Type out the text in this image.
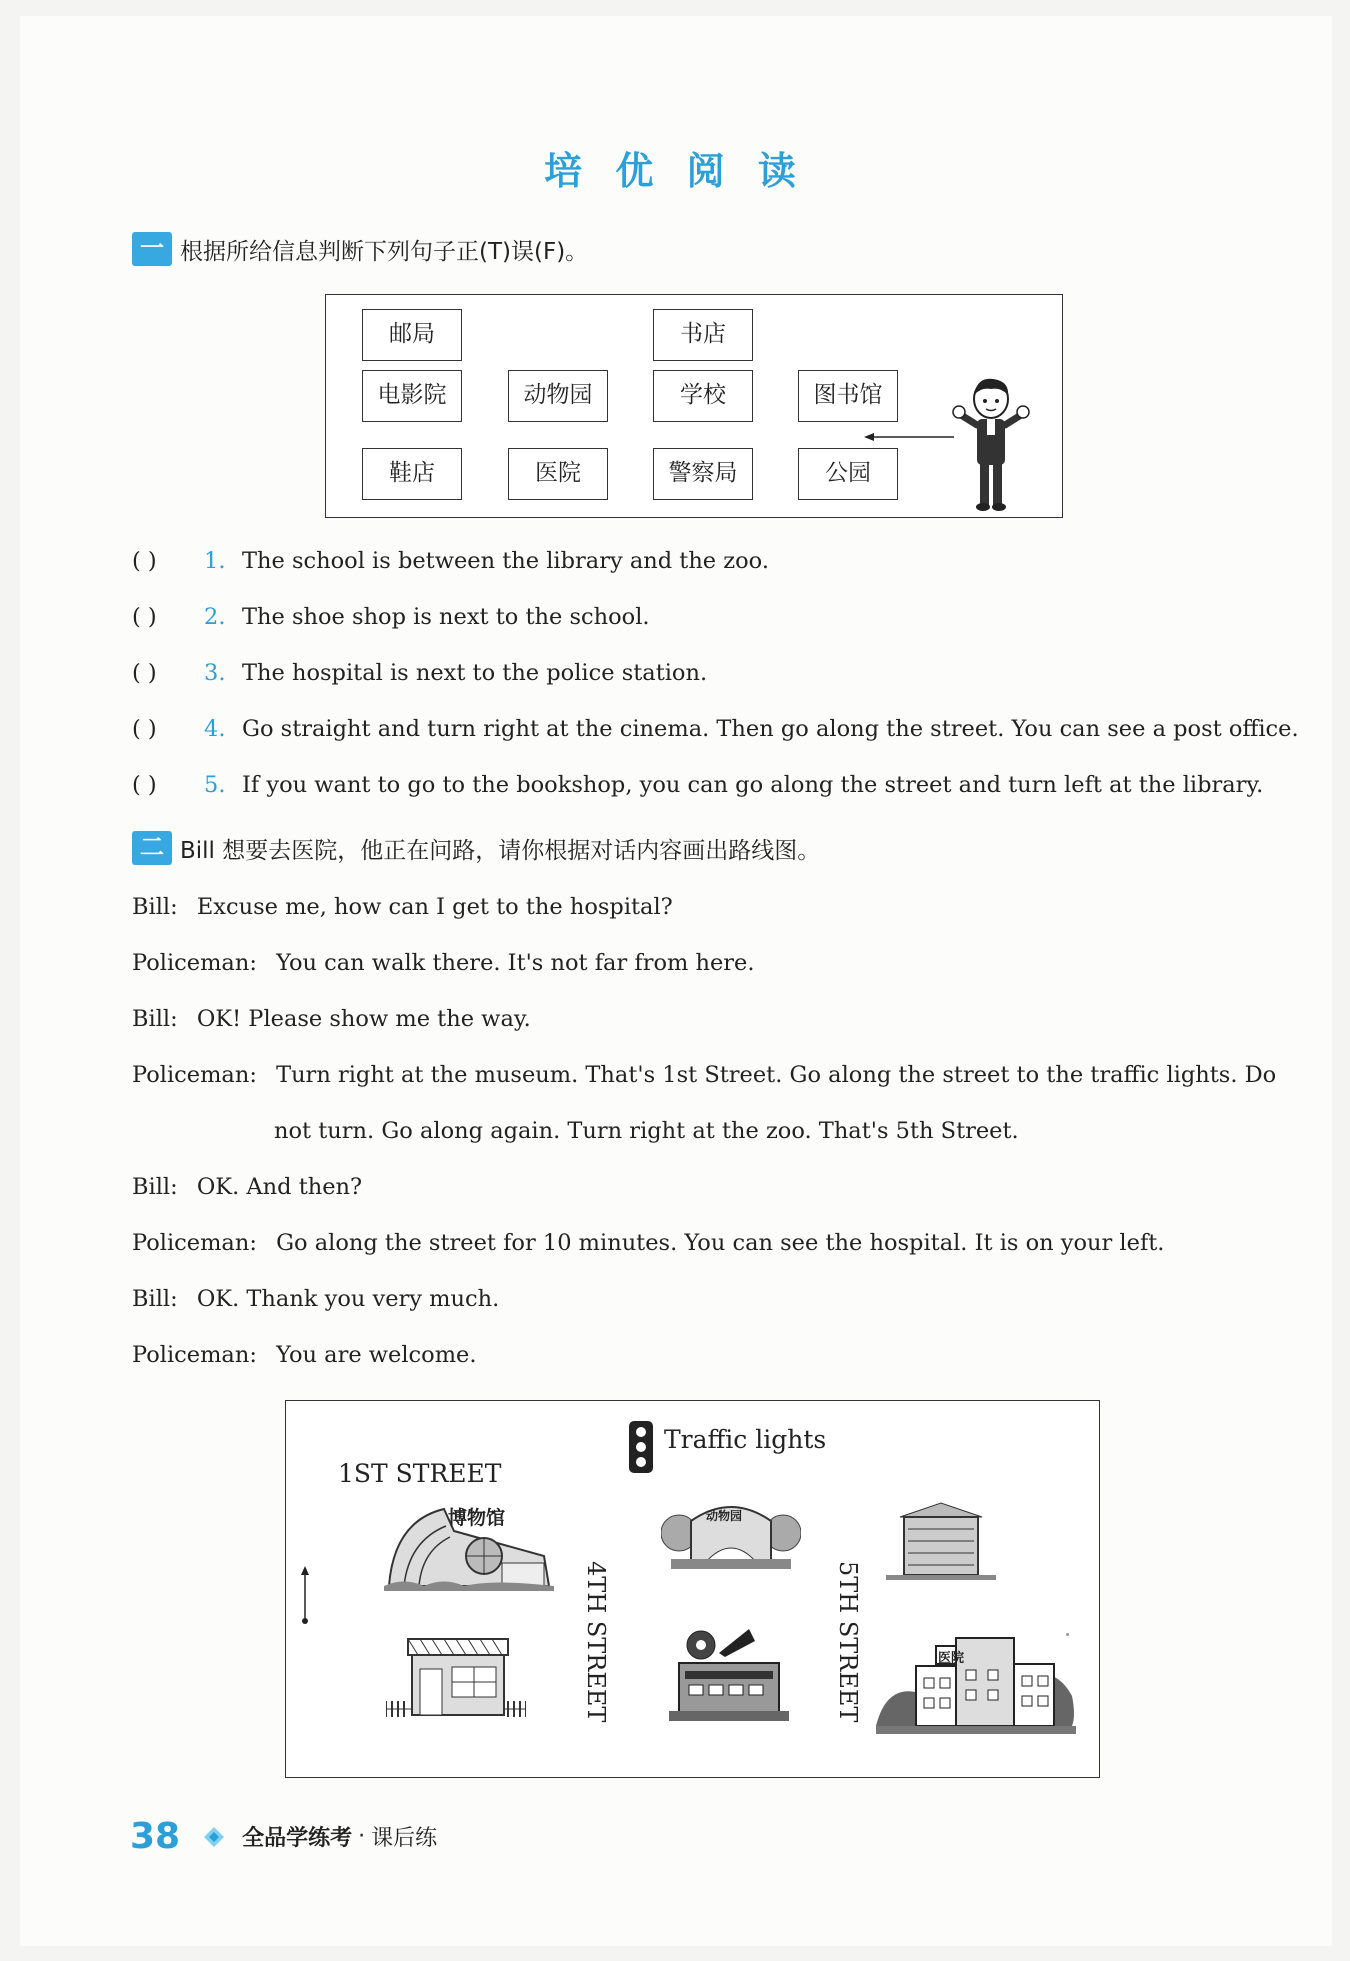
培 优 阅 读
一 根据所给信息判断下列句子正(T)误(F)。
邮局	书店
电影院	动物园	学校	图书馆
鞋店	医院	警察局	公园
( )	1. The school is between the library and the zoo.
( )	2. The shoe shop is next to the school.
( )	3. The hospital is next to the police station.
( )	4. Go straight and turn right at the cinema. Then go along the street. You can see a post office.
( )	5. If you want to go to the bookshop, you can go along the street and turn left at the library.
二 Bill 想要去医院，他正在问路，请你根据对话内容画出路线图。
Bill: Excuse me, how can I get to the hospital?
Policeman: You can walk there. It's not far from here.
Bill: OK! Please show me the way.
Policeman: Turn right at the museum. That's 1st Street. Go along the street to the traffic lights. Do
not turn. Go along again. Turn right at the zoo. That's 5th Street.
Bill: OK. And then?
Policeman: Go along the street for 10 minutes. You can see the hospital. It is on your left.
Bill: OK. Thank you very much.
Policeman: You are welcome.
Traffic lights
1ST STREET
博物馆
4TH STREET	5TH STREET
动物园
医院
38	全品学练考 · 课后练
